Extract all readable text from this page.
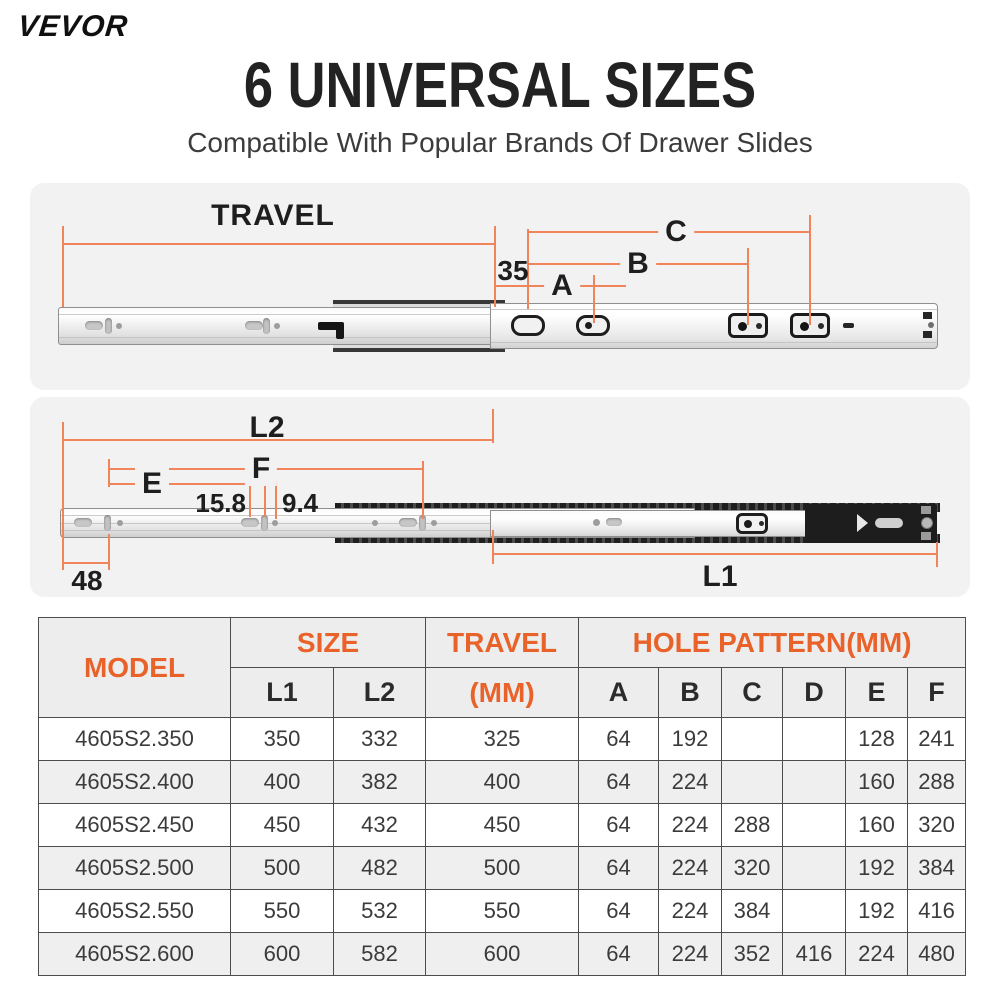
VEVOR
6 UNIVERSAL SIZES
Compatible With Popular Brands Of Drawer Slides
TRAVEL
35 A
B
C
L2
F
E
15.8 9.4
48	L1
MODEL	SIZE		TRAVEL	HOLE PATTERN(MM)					
	L1	L2	(MM)	A	B	C	D	E	F
4605S2.350	350	332	325	64	192			128	241
4605S2.400	400	382	400	64	224			160	288
4605S2.450	450	432	450	64	224	288		160	320
4605S2.500	500	482	500	64	224	320		192	384
4605S2.550	550	532	550	64	224	384		192	416
4605S2.600	600	582	600	64	224	352	416	224	480
